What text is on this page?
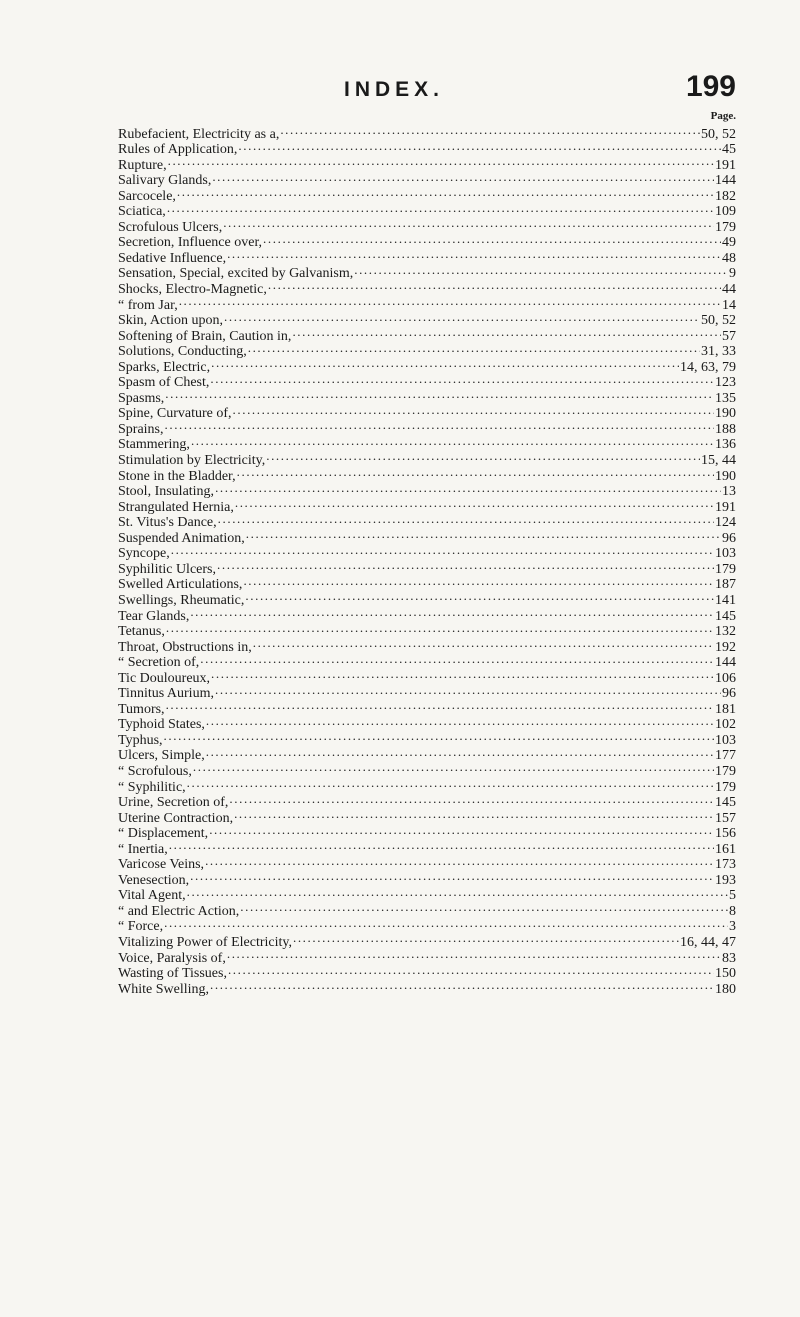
INDEX.	199
Page.
Rubefacient, Electricity as a, .....	50, 52
Rules of Application, .....	45
Rupture, .....	191
Salivary Glands, .....	144
Sarcocele, .....	182
Sciatica, .....	109
Scrofulous Ulcers, .....	179
Secretion, Influence over, .....	49
Sedative Influence, .....	48
Sensation, Special, excited by Galvanism, .....	9
Shocks, Electro-Magnetic, .....	44
“ from Jar, .....	14
Skin, Action upon, .....	50, 52
Softening of Brain, Caution in, .....	57
Solutions, Conducting, .....	31, 33
Sparks, Electric, .....	14, 63, 79
Spasm of Chest, .....	123
Spasms, .....	135
Spine, Curvature of, .....	190
Sprains, .....	188
Stammering, .....	136
Stimulation by Electricity, .....	15, 44
Stone in the Bladder, .....	190
Stool, Insulating, .....	13
Strangulated Hernia, .....	191
St. Vitus's Dance, .....	124
Suspended Animation, .....	96
Syncope, .....	103
Syphilitic Ulcers, .....	179
Swelled Articulations, .....	187
Swellings, Rheumatic, .....	141
Tear Glands, .....	145
Tetanus, .....	132
Throat, Obstructions in, .....	192
“ Secretion of, .....	144
Tic Douloureux, .....	106
Tinnitus Aurium, .....	96
Tumors, .....	181
Typhoid States, .....	102
Typhus, .....	103
Ulcers, Simple, .....	177
“ Scrofulous, .....	179
“ Syphilitic, .....	179
Urine, Secretion of, .....	145
Uterine Contraction, .....	157
“ Displacement, .....	156
“ Inertia, .....	161
Varicose Veins, .....	173
Venesection, .....	193
Vital Agent, .....	5
“ and Electric Action, .....	8
“ Force, .....	3
Vitalizing Power of Electricity, .....	16, 44, 47
Voice, Paralysis of, .....	83
Wasting of Tissues, .....	150
White Swelling, .....	180
